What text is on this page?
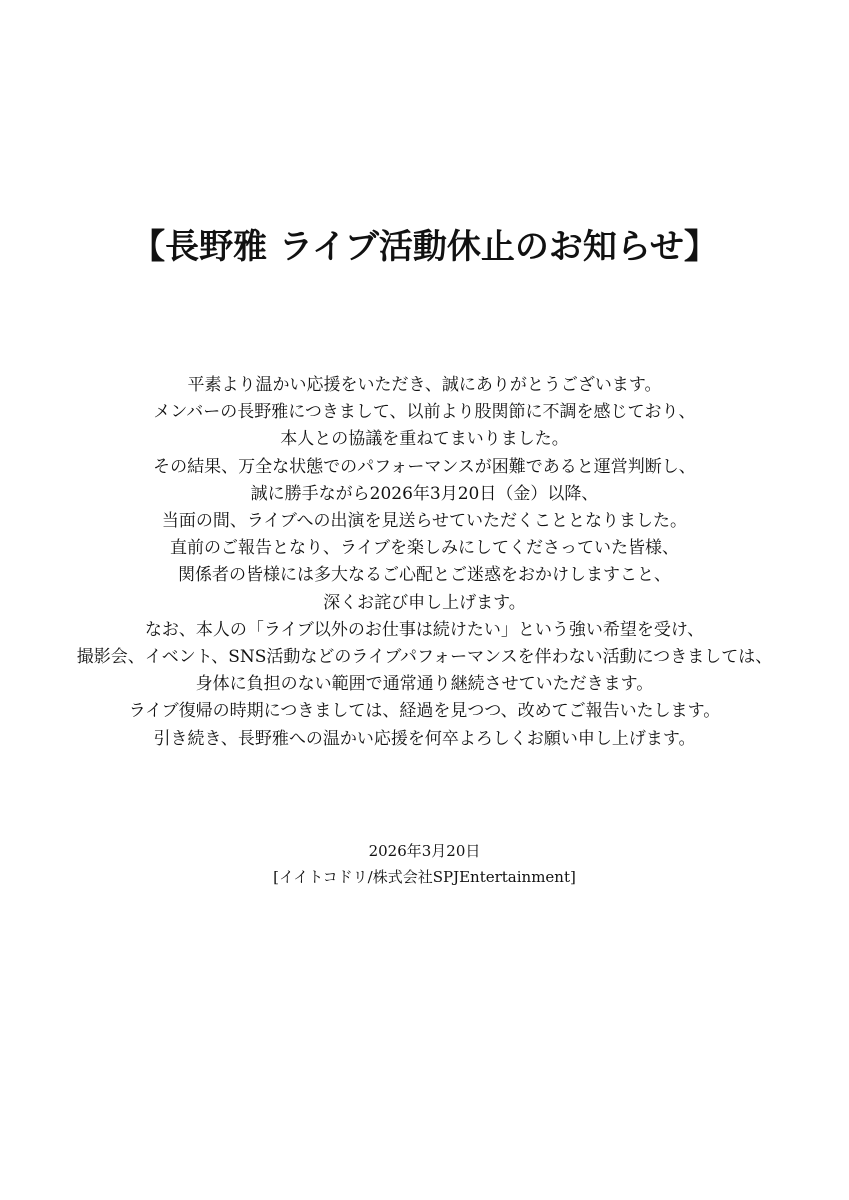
【長野雅 ライブ活動休止のお知らせ】
平素より温かい応援をいただき、誠にありがとうございます。
メンバーの長野雅につきまして、以前より股関節に不調を感じており、
本人との協議を重ねてまいりました。
その結果、万全な状態でのパフォーマンスが困難であると運営判断し、
誠に勝手ながら2026年3月20日（金）以降、
当面の間、ライブへの出演を見送らせていただくこととなりました。
直前のご報告となり、ライブを楽しみにしてくださっていた皆様、
関係者の皆様には多大なるご心配とご迷惑をおかけしますこと、
深くお詫び申し上げます。
なお、本人の「ライブ以外のお仕事は続けたい」という強い希望を受け、
撮影会、イベント、SNS活動などのライブパフォーマンスを伴わない活動につきましては、
身体に負担のない範囲で通常通り継続させていただきます。
ライブ復帰の時期につきましては、経過を見つつ、改めてご報告いたします。
引き続き、長野雅への温かい応援を何卒よろしくお願い申し上げます。
2026年3月20日
[イイトコドリ/株式会社SPJEntertainment]
